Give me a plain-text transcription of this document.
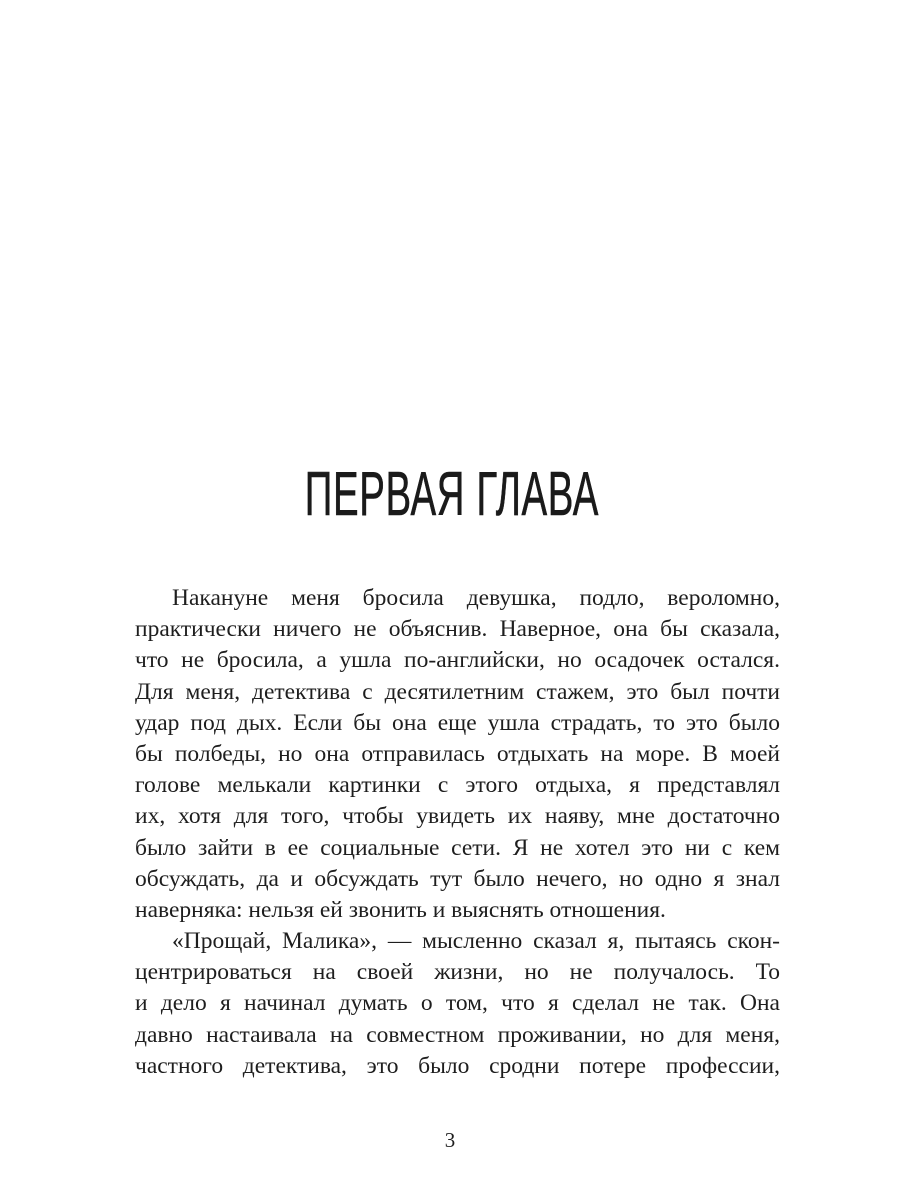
ПЕРВАЯ ГЛАВА
Накануне меня бросила девушка, подло, вероломно,
практически ничего не объяснив. Наверное, она бы сказала,
что не бросила, а ушла по-английски, но осадочек остался.
Для меня, детектива с десятилетним стажем, это был почти
удар под дых. Если бы она еще ушла страдать, то это было
бы полбеды, но она отправилась отдыхать на море. В моей
голове мелькали картинки с этого отдыха, я представлял
их, хотя для того, чтобы увидеть их наяву, мне достаточно
было зайти в ее социальные сети. Я не хотел это ни с кем
обсуждать, да и обсуждать тут было нечего, но одно я знал
наверняка: нельзя ей звонить и выяснять отношения.
«Прощай, Малика», — мысленно сказал я, пытаясь скон-
центрироваться на своей жизни, но не получалось. То
и дело я начинал думать о том, что я сделал не так. Она
давно настаивала на совместном проживании, но для меня,
частного детектива, это было сродни потере профессии,
3
